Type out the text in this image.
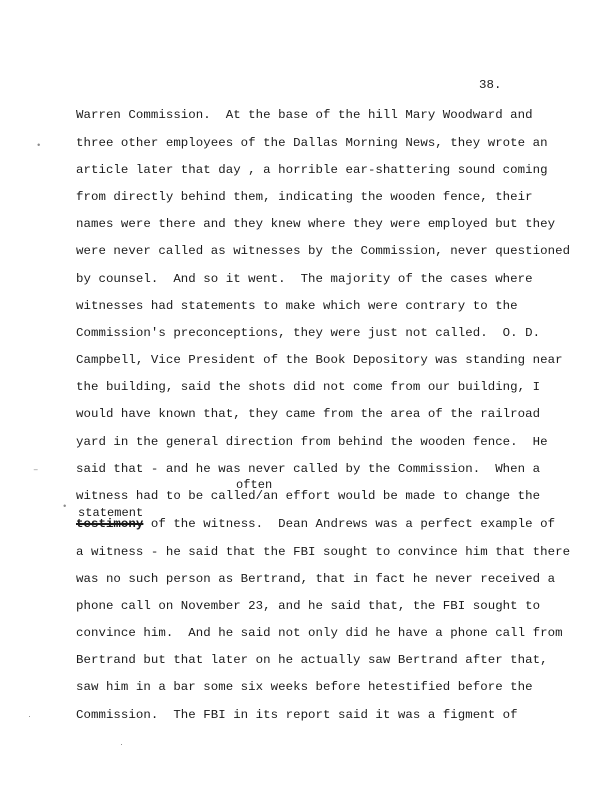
38.
Warren Commission.  At the base of the hill Mary Woodward and
three other employees of the Dallas Morning News, they wrote an
article later that day , a horrible ear-shattering sound coming
from directly behind them, indicating the wooden fence, their
names were there and they knew where they were employed but they
were never called as witnesses by the Commission, never questioned
by counsel.  And so it went.  The majority of the cases where
witnesses had statements to make which were contrary to the
Commission's preconceptions, they were just not called.  O. D.
Campbell, Vice President of the Book Depository was standing near
the building, said the shots did not come from our building, I
would have known that, they came from the area of the railroad
yard in the general direction from behind the wooden fence.  He
said that - and he was never called by the Commission.  When a
often
witness had to be called/an effort would be made to change the
statement
testimony of the witness.  Dean Andrews was a perfect example of
a witness - he said that the FBI sought to convince him that there
was no such person as Bertrand, that in fact he never received a
phone call on November 23, and he said that, the FBI sought to
convince him.  And he said not only did he have a phone call from
Bertrand but that later on he actually saw Bertrand after that,
saw him in a bar some six weeks before hetestified before the
Commission.  The FBI in its report said it was a figment of
•
–
•
․
․
